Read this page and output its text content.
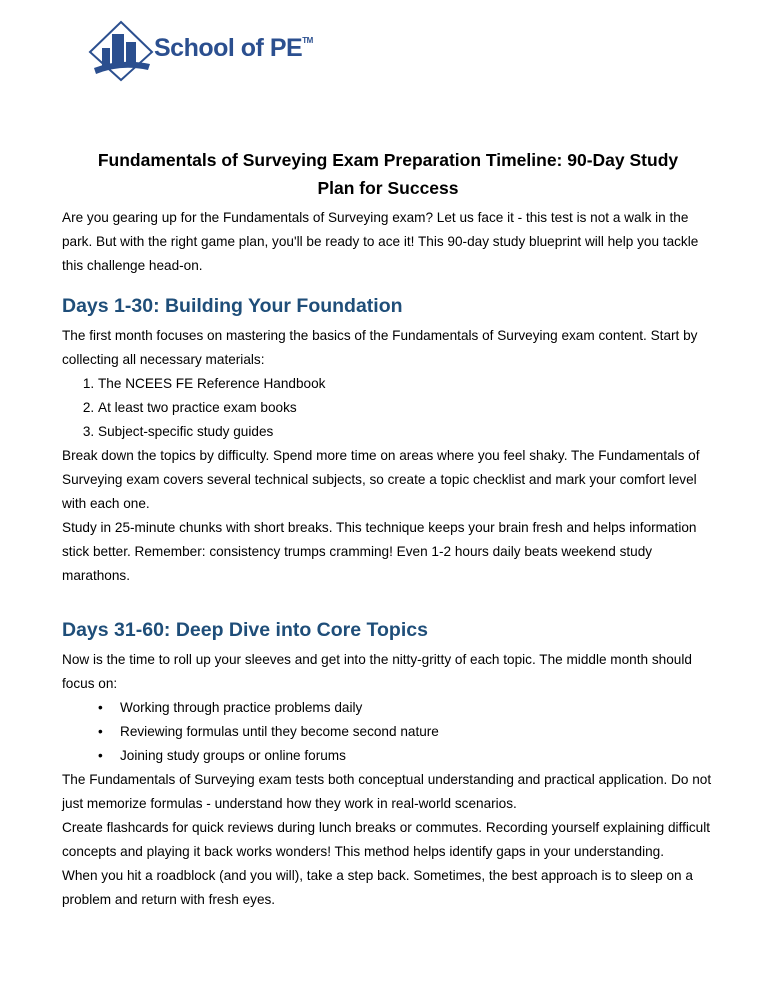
School of PE™
Fundamentals of Surveying Exam Preparation Timeline: 90-Day Study Plan for Success

Are you gearing up for the Fundamentals of Surveying exam? Let us face it - this test is not a walk in the park. But with the right game plan, you'll be ready to ace it! This 90-day study blueprint will help you tackle this challenge head-on.

Days 1-30: Building Your Foundation

The first month focuses on mastering the basics of the Fundamentals of Surveying exam content. Start by collecting all necessary materials:

1. The NCEES FE Reference Handbook
2. At least two practice exam books
3. Subject-specific study guides

Break down the topics by difficulty. Spend more time on areas where you feel shaky. The Fundamentals of Surveying exam covers several technical subjects, so create a topic checklist and mark your comfort level with each one.

Study in 25-minute chunks with short breaks. This technique keeps your brain fresh and helps information stick better. Remember: consistency trumps cramming! Even 1-2 hours daily beats weekend study marathons.

Days 31-60: Deep Dive into Core Topics

Now is the time to roll up your sleeves and get into the nitty-gritty of each topic. The middle month should focus on:

• Working through practice problems daily
• Reviewing formulas until they become second nature
• Joining study groups or online forums

The Fundamentals of Surveying exam tests both conceptual understanding and practical application. Do not just memorize formulas - understand how they work in real-world scenarios.

Create flashcards for quick reviews during lunch breaks or commutes. Recording yourself explaining difficult concepts and playing it back works wonders! This method helps identify gaps in your understanding.

When you hit a roadblock (and you will), take a step back. Sometimes, the best approach is to sleep on a problem and return with fresh eyes.
